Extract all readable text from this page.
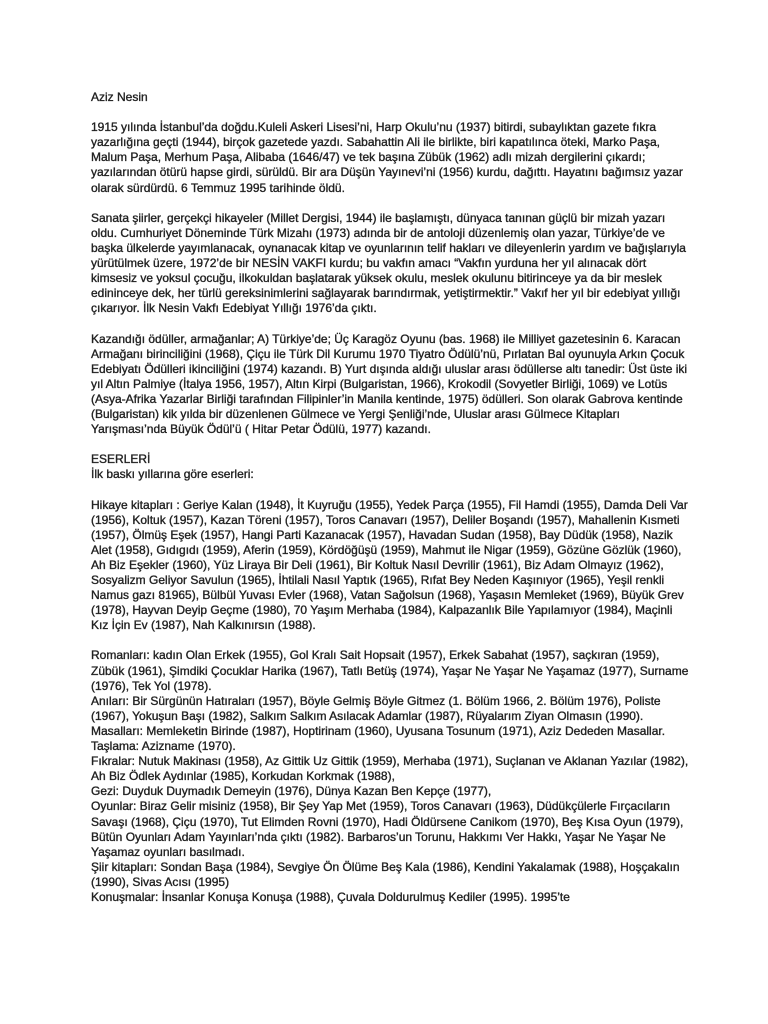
Aziz Nesin

1915 yılında İstanbul’da doğdu.Kuleli Askeri Lisesi’ni, Harp Okulu’nu (1937) bitirdi, subaylıktan gazete fıkra yazarlığına geçti (1944), birçok gazetede yazdı. Sabahattin Ali ile birlikte, biri kapatılınca öteki, Marko Paşa, Malum Paşa, Merhum Paşa, Alibaba (1646/47) ve tek başına Zübük (1962) adlı mizah dergilerini çıkardı; yazılarından ötürü hapse girdi, sürüldü. Bir ara Düşün Yayınevi’ni (1956) kurdu, dağıttı. Hayatını bağımsız yazar olarak sürdürdü. 6 Temmuz 1995 tarihinde öldü.

Sanata şiirler, gerçekçi hikayeler (Millet Dergisi, 1944) ile başlamıştı, dünyaca tanınan güçlü bir mizah yazarı oldu. Cumhuriyet Döneminde Türk Mizahı (1973) adında bir de antoloji düzenlemiş olan yazar, Türkiye’de ve başka ülkelerde yayımlanacak, oynanacak kitap ve oyunlarının telif hakları ve dileyenlerin yardım ve bağışlarıyla yürütülmek üzere, 1972’de bir NESİN VAKFI kurdu; bu vakfın amacı “Vakfın yurduna her yıl alınacak dört kimsesiz ve yoksul çocuğu, ilkokuldan başlatarak yüksek okulu, meslek okulunu bitirinceye ya da bir meslek edininceye dek, her türlü gereksinimlerini sağlayarak barındırmak, yetiştirmektir.” Vakıf her yıl bir edebiyat yıllığı çıkarıyor. İlk Nesin Vakfı Edebiyat Yıllığı 1976’da çıktı.

Kazandığı ödüller, armağanlar; A) Türkiye’de; Üç Karagöz Oyunu (bas. 1968) ile Milliyet gazetesinin 6. Karacan Armağanı birinciliğini (1968), Çiçu ile Türk Dil Kurumu 1970 Tiyatro Ödülü’nü, Pırlatan Bal oyunuyla Arkın Çocuk Edebiyatı Ödülleri ikinciliğini (1974) kazandı. B) Yurt dışında aldığı uluslar arası ödüllerse altı tanedir: Üst üste iki yıl Altın Palmiye (İtalya 1956, 1957), Altın Kirpi (Bulgaristan, 1966), Krokodil (Sovyetler Birliği, 1069) ve Lotüs (Asya-Afrika Yazarlar Birliği tarafından Filipinler’in Manila kentinde, 1975) ödülleri. Son olarak Gabrova kentinde (Bulgaristan) kik yılda bir düzenlenen Gülmece ve Yergi Şenliği’nde, Uluslar arası Gülmece Kitapları Yarışması’nda Büyük Ödül’ü ( Hitar Petar Ödülü, 1977) kazandı.

ESERLERİ

İlk baskı yıllarına göre eserleri:

Hikaye kitapları : Geriye Kalan (1948), İt Kuyruğu (1955), Yedek Parça (1955), Fil Hamdi (1955), Damda Deli Var (1956), Koltuk (1957), Kazan Töreni (1957), Toros Canavarı (1957), Deliler Boşandı (1957), Mahallenin Kısmeti (1957), Ölmüş Eşek (1957), Hangi Parti Kazanacak (1957), Havadan Sudan (1958), Bay Düdük (1958), Nazik Alet (1958), Gıdıgıdı (1959), Aferin (1959), Kördöğüşü (1959), Mahmut ile Nigar (1959), Gözüne Gözlük (1960), Ah Biz Eşekler (1960), Yüz Liraya Bir Deli (1961), Bir Koltuk Nasıl Devrilir (1961), Biz Adam Olmayız (1962), Sosyalizm Geliyor Savulun (1965), İhtilali Nasıl Yaptık (1965), Rıfat Bey Neden Kaşınıyor (1965), Yeşil renkli Namus gazı 81965), Bülbül Yuvası Evler (1968), Vatan Sağolsun (1968), Yaşasın Memleket (1969), Büyük Grev (1978), Hayvan Deyip Geçme (1980), 70 Yaşım Merhaba (1984), Kalpazanlık Bile Yapılamıyor (1984), Maçinli Kız İçin Ev (1987), Nah Kalkınırsın (1988).

Romanları: kadın Olan Erkek (1955), Gol Kralı Sait Hopsait (1957), Erkek Sabahat (1957), saçkıran (1959), Zübük (1961), Şimdiki Çocuklar Harika (1967), Tatlı Betüş (1974), Yaşar Ne Yaşar Ne Yaşamaz (1977), Surname (1976), Tek Yol (1978).

Anıları: Bir Sürgünün Hatıraları (1957), Böyle Gelmiş Böyle Gitmez (1. Bölüm 1966, 2. Bölüm 1976), Poliste (1967), Yokuşun Başı (1982), Salkım Salkım Asılacak Adamlar (1987), Rüyalarım Ziyan Olmasın (1990).

Masalları: Memleketin Birinde (1987), Hoptirinam (1960), Uyusana Tosunum (1971), Aziz Dededen Masallar.

Taşlama: Azizname (1970).

Fıkralar: Nutuk Makinası (1958), Az Gittik Uz Gittik (1959), Merhaba (1971), Suçlanan ve Aklanan Yazılar (1982), Ah Biz Ödlek Aydınlar (1985), Korkudan Korkmak (1988),

Gezi: Duyduk Duymadık Demeyin (1976), Dünya Kazan Ben Kepçe (1977),

Oyunlar: Biraz Gelir misiniz (1958), Bir Şey Yap Met (1959), Toros Canavarı (1963), Düdükçülerle Fırçacıların Savaşı (1968), Çiçu (1970), Tut Elimden Rovni (1970), Hadi Öldürsene Canikom (1970), Beş Kısa Oyun (1979), Bütün Oyunları Adam Yayınları’nda çıktı (1982). Barbaros’un Torunu, Hakkımı Ver Hakkı, Yaşar Ne Yaşar Ne Yaşamaz oyunları basılmadı.

Şiir kitapları: Sondan Başa (1984), Sevgiye Ön Ölüme Beş Kala (1986), Kendini Yakalamak (1988), Hoşçakalın (1990), Sivas Acısı (1995)

Konuşmalar: İnsanlar Konuşa Konuşa (1988), Çuvala Doldurulmuş Kediler (1995). 1995’te
